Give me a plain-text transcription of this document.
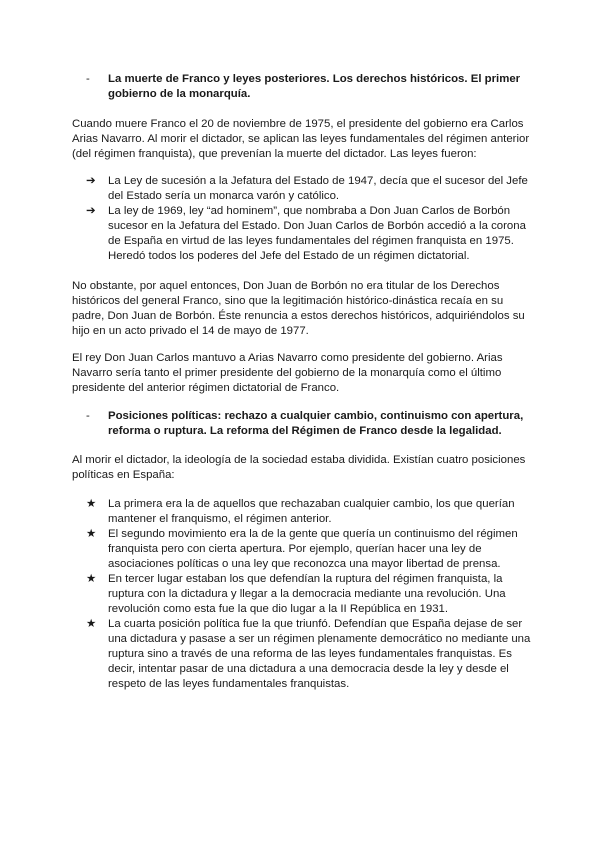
- La muerte de Franco y leyes posteriores. Los derechos históricos. El primer gobierno de la monarquía.

Cuando muere Franco el 20 de noviembre de 1975, el presidente del gobierno era Carlos Arias Navarro. Al morir el dictador, se aplican las leyes fundamentales del régimen anterior (del régimen franquista), que prevenían la muerte del dictador. Las leyes fueron:

➔ La Ley de sucesión a la Jefatura del Estado de 1947, decía que el sucesor del Jefe del Estado sería un monarca varón y católico.
➔ La ley de 1969, ley “ad hominem”, que nombraba a Don Juan Carlos de Borbón sucesor en la Jefatura del Estado. Don Juan Carlos de Borbón accedió a la corona de España en virtud de las leyes fundamentales del régimen franquista en 1975. Heredó todos los poderes del Jefe del Estado de un régimen dictatorial.

No obstante, por aquel entonces, Don Juan de Borbón no era titular de los Derechos históricos del general Franco, sino que la legitimación histórico-dinástica recaía en su padre, Don Juan de Borbón. Éste renuncia a estos derechos históricos, adquiriéndolos su hijo en un acto privado el 14 de mayo de 1977.

El rey Don Juan Carlos mantuvo a Arias Navarro como presidente del gobierno. Arias Navarro sería tanto el primer presidente del gobierno de la monarquía como el último presidente del anterior régimen dictatorial de Franco.

- Posiciones políticas: rechazo a cualquier cambio, continuismo con apertura, reforma o ruptura. La reforma del Régimen de Franco desde la legalidad.

Al morir el dictador, la ideología de la sociedad estaba dividida. Existían cuatro posiciones políticas en España:

★ La primera era la de aquellos que rechazaban cualquier cambio, los que querían mantener el franquismo, el régimen anterior.
★ El segundo movimiento era la de la gente que quería un continuismo del régimen franquista pero con cierta apertura. Por ejemplo, querían hacer una ley de asociaciones políticas o una ley que reconozca una mayor libertad de prensa.
★ En tercer lugar estaban los que defendían la ruptura del régimen franquista, la ruptura con la dictadura y llegar a la democracia mediante una revolución. Una revolución como esta fue la que dio lugar a la II República en 1931.
★ La cuarta posición política fue la que triunfó. Defendían que España dejase de ser una dictadura y pasase a ser un régimen plenamente democrático no mediante una ruptura sino a través de una reforma de las leyes fundamentales franquistas. Es decir, intentar pasar de una dictadura a una democracia desde la ley y desde el respeto de las leyes fundamentales franquistas.
